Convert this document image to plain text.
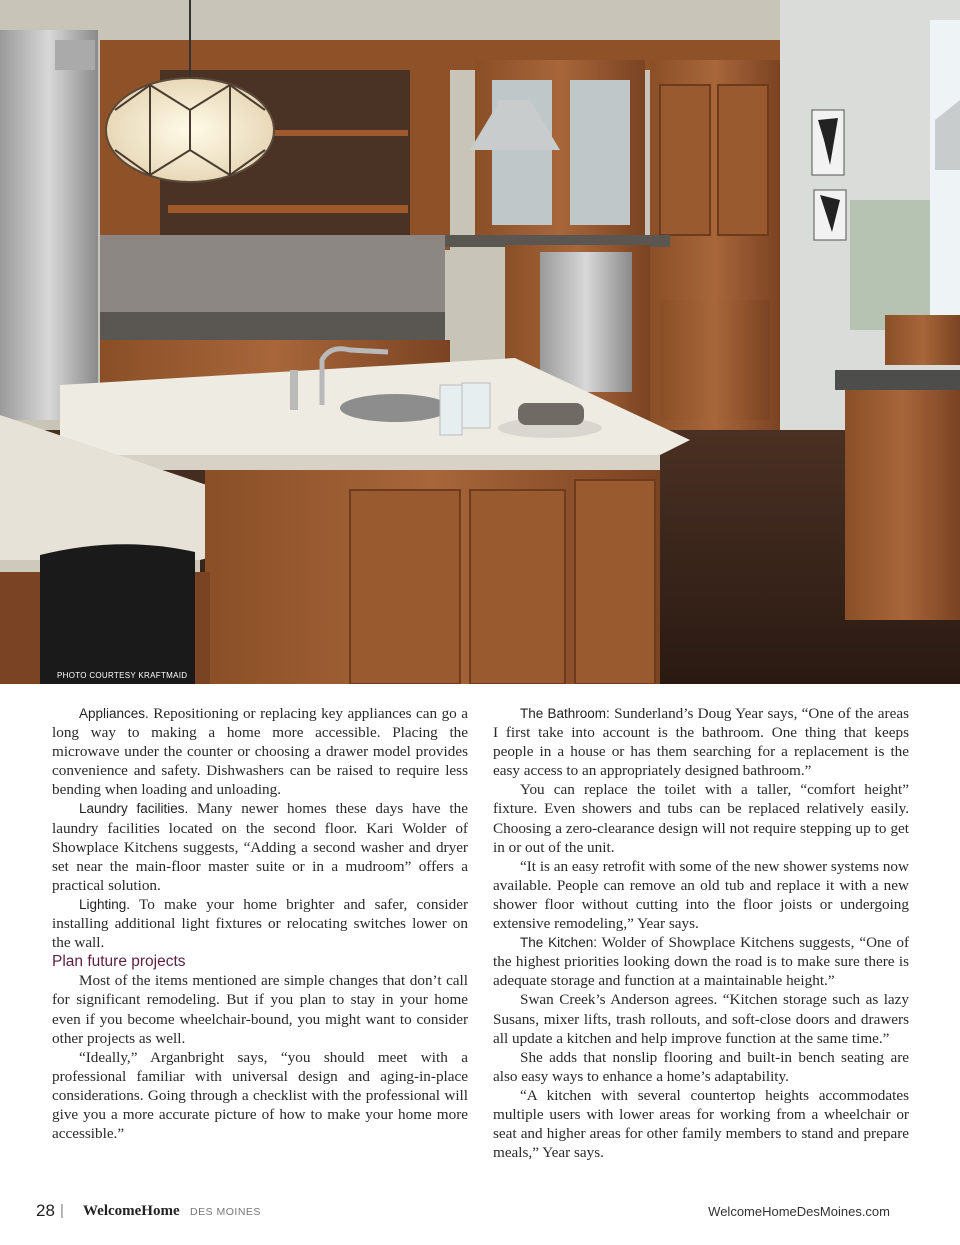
PHOTO COURTESY KRAFTMAID

Appliances. Repositioning or replacing key appliances can go a long way to making a home more accessible. Placing the microwave under the counter or choosing a drawer model provides convenience and safety. Dishwashers can be raised to require less bending when loading and unloading.

Laundry facilities. Many newer homes these days have the laundry facilities located on the second floor. Kari Wolder of Showplace Kitchens suggests, “Adding a second washer and dryer set near the main-floor master suite or in a mudroom” offers a practical solution.

Lighting. To make your home brighter and safer, consider installing additional light fixtures or relocating switches lower on the wall.

Plan future projects

Most of the items mentioned are simple changes that don’t call for significant remodeling. But if you plan to stay in your home even if you become wheelchair-bound, you might want to consider other projects as well.

“Ideally,” Arganbright says, “you should meet with a professional familiar with universal design and aging-in-place considerations. Going through a checklist with the professional will give you a more accurate picture of how to make your home more accessible.”

The Bathroom: Sunderland’s Doug Year says, “One of the areas I first take into account is the bathroom. One thing that keeps people in a house or has them searching for a replacement is the easy access to an appropriately designed bathroom.”

You can replace the toilet with a taller, “comfort height” fixture. Even showers and tubs can be replaced relatively easily. Choosing a zero-clearance design will not require stepping up to get in or out of the unit.

“It is an easy retrofit with some of the new shower systems now available. People can remove an old tub and replace it with a new shower floor without cutting into the floor joists or undergoing extensive remodeling,” Year says.

The Kitchen: Wolder of Showplace Kitchens suggests, “One of the highest priorities looking down the road is to make sure there is adequate storage and function at a maintainable height.”

Swan Creek’s Anderson agrees. “Kitchen storage such as lazy Susans, mixer lifts, trash rollouts, and soft-close doors and drawers all update a kitchen and help improve function at the same time.”

She adds that nonslip flooring and built-in bench seating are also easy ways to enhance a home’s adaptability.

“A kitchen with several countertop heights accommodates multiple users with lower areas for working from a wheelchair or seat and higher areas for other family members to stand and prepare meals,” Year says.

28 | WelcomeHome DES MOINES	WelcomeHomeDesMoines.com
